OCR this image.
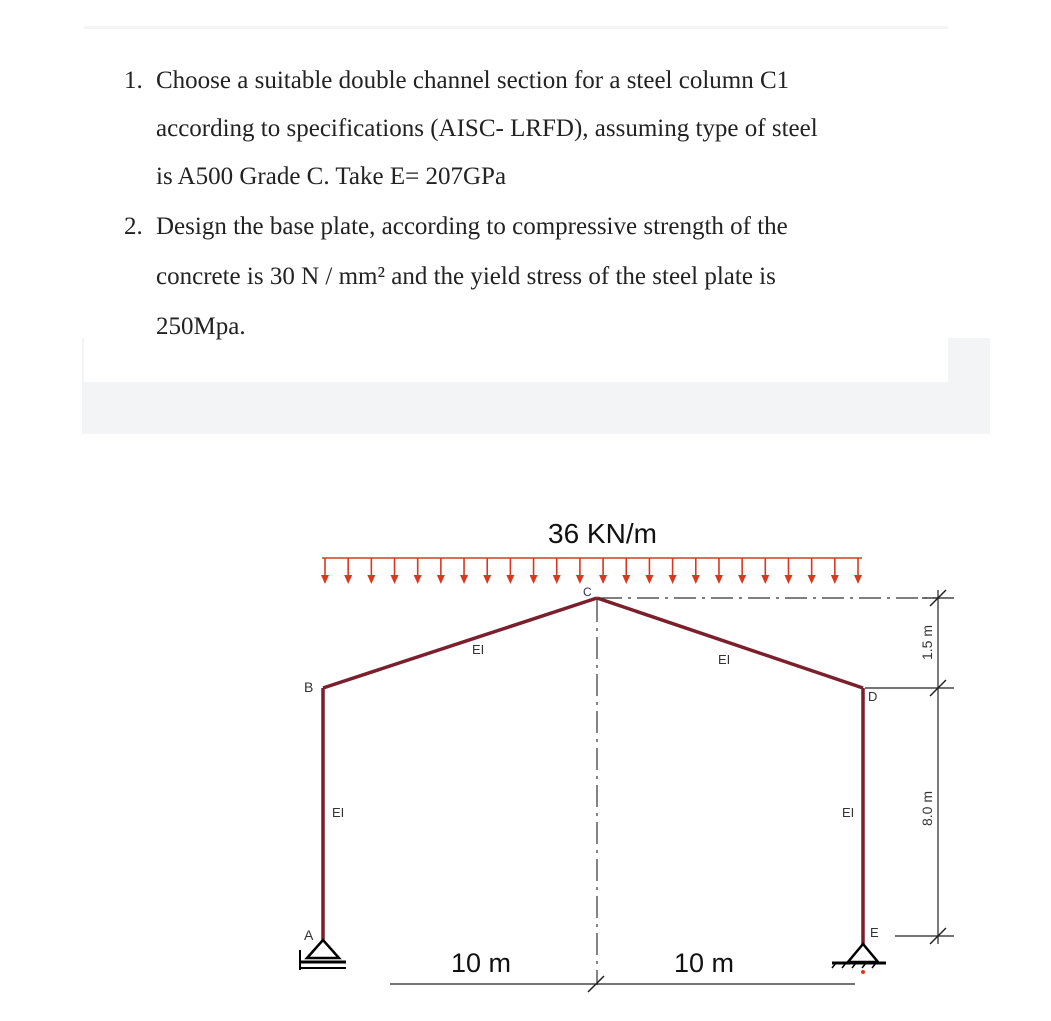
1. Choose a suitable double channel section for a steel column C1
according to specifications (AISC- LRFD), assuming type of steel
is A500 Grade C. Take E= 207GPa
2. Design the base plate, according to compressive strength of the
concrete is 30 N / mm² and the yield stress of the steel plate is
250Mpa.
36 KN/m
B
A
C
D
E
EI
EI
EI
EI
10 m	10 m
1.5 m
8.0 m
